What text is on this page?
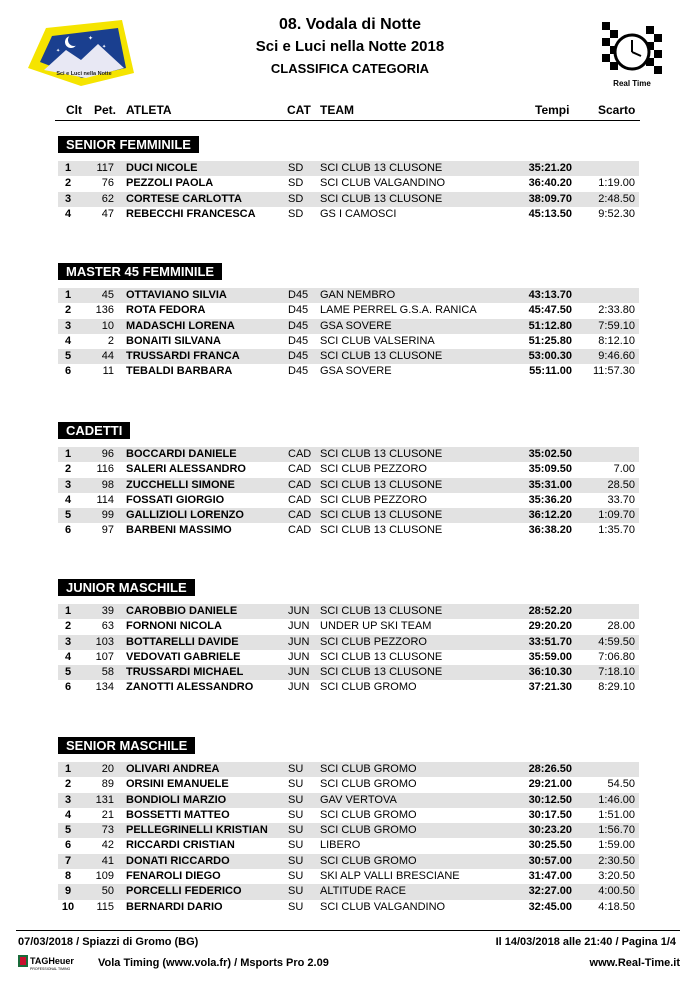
✦
✦
✦
Sci e Luci nella Notte
Real Time
08. Vodala di Notte
Sci e Luci nella Notte 2018
CLASSIFICA CATEGORIA
Clt Pet. ATLETA	CAT TEAM	Tempi Scarto
SENIOR FEMMINILE
1	117 DUCI NICOLE	SD SCI CLUB 13 CLUSONE	35:21.20
2	76 PEZZOLI PAOLA	SD SCI CLUB VALGANDINO	36:40.20	1:19.00
3	62 CORTESE CARLOTTA	SD SCI CLUB 13 CLUSONE	38:09.70	2:48.50
4	47 REBECCHI FRANCESCA	SD GS I CAMOSCI	45:13.50	9:52.30
MASTER 45 FEMMINILE
1	45 OTTAVIANO SILVIA	D45 GAN NEMBRO	43:13.70
2	136 ROTA FEDORA	D45 LAME PERREL G.S.A. RANICA	45:47.50	2:33.80
3	10 MADASCHI LORENA	D45 GSA SOVERE	51:12.80	7:59.10
4	2 BONAITI SILVANA	D45 SCI CLUB VALSERINA	51:25.80	8:12.10
5	44 TRUSSARDI FRANCA	D45 SCI CLUB 13 CLUSONE	53:00.30	9:46.60
6	11 TEBALDI BARBARA	D45 GSA SOVERE	55:11.00	11:57.30
CADETTI
1	96 BOCCARDI DANIELE	CAD SCI CLUB 13 CLUSONE	35:02.50
2	116 SALERI ALESSANDRO	CAD SCI CLUB PEZZORO	35:09.50	7.00
3	98 ZUCCHELLI SIMONE	CAD SCI CLUB 13 CLUSONE	35:31.00	28.50
4	114 FOSSATI GIORGIO	CAD SCI CLUB PEZZORO	35:36.20	33.70
5	99 GALLIZIOLI LORENZO	CAD SCI CLUB 13 CLUSONE	36:12.20	1:09.70
6	97 BARBENI MASSIMO	CAD SCI CLUB 13 CLUSONE	36:38.20	1:35.70
JUNIOR MASCHILE
1	39 CAROBBIO DANIELE	JUN SCI CLUB 13 CLUSONE	28:52.20
2	63 FORNONI NICOLA	JUN UNDER UP SKI TEAM	29:20.20	28.00
3	103 BOTTARELLI DAVIDE	JUN SCI CLUB PEZZORO	33:51.70	4:59.50
4	107 VEDOVATI GABRIELE	JUN SCI CLUB 13 CLUSONE	35:59.00	7:06.80
5	58 TRUSSARDI MICHAEL	JUN SCI CLUB 13 CLUSONE	36:10.30	7:18.10
6	134 ZANOTTI ALESSANDRO	JUN SCI CLUB GROMO	37:21.30	8:29.10
SENIOR MASCHILE
1	20 OLIVARI ANDREA	SU SCI CLUB GROMO	28:26.50
2	89 ORSINI EMANUELE	SU SCI CLUB GROMO	29:21.00	54.50
3	131 BONDIOLI MARZIO	SU GAV VERTOVA	30:12.50	1:46.00
4	21 BOSSETTI MATTEO	SU SCI CLUB GROMO	30:17.50	1:51.00
5	73 PELLEGRINELLI KRISTIAN SU SCI CLUB GROMO	30:23.20	1:56.70
6	42 RICCARDI CRISTIAN	SU LIBERO	30:25.50	1:59.00
7	41 DONATI RICCARDO	SU SCI CLUB GROMO	30:57.00	2:30.50
8	109 FENAROLI DIEGO	SU SKI ALP VALLI BRESCIANE	31:47.00	3:20.50
9	50 PORCELLI FEDERICO	SU ALTITUDE RACE	32:27.00	4:00.50
10	115 BERNARDI DARIO	SU SCI CLUB VALGANDINO	32:45.00	4:18.50
07/03/2018 / Spiazzi di Gromo (BG)	Il 14/03/2018 alle 21:40 / Pagina 1/4
TAGHeuer
PROFESSIONAL TIMING	Vola Timing (www.vola.fr) / Msports Pro 2.09	www.Real-Time.it
